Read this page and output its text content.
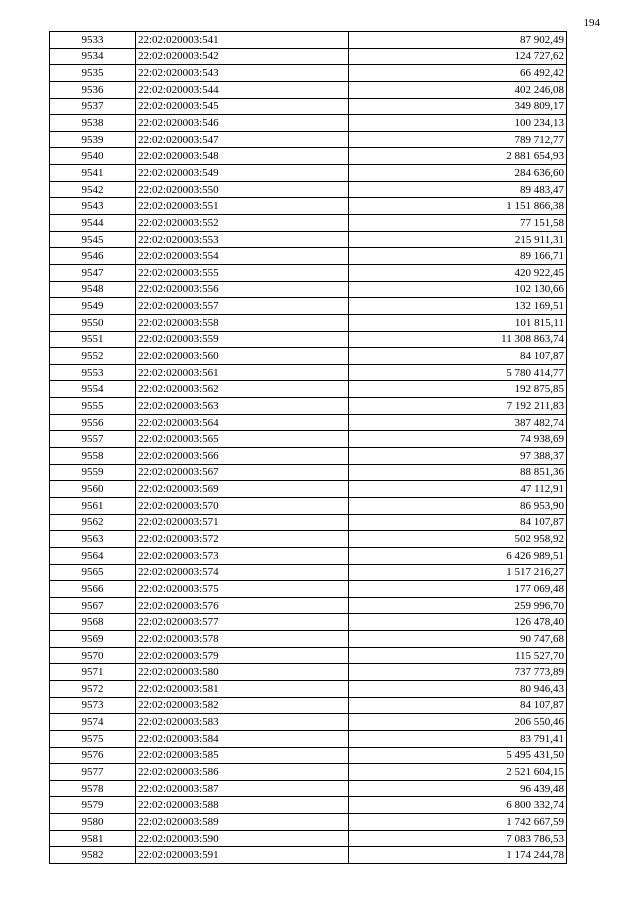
194
9533	22:02:020003:541	87 902,49
9534	22:02:020003:542	124 727,62
9535	22:02:020003:543	66 492,42
9536	22:02:020003:544	402 246,08
9537	22:02:020003:545	349 809,17
9538	22:02:020003:546	100 234,13
9539	22:02:020003:547	789 712,77
9540	22:02:020003:548	2 881 654,93
9541	22:02:020003:549	284 636,60
9542	22:02:020003:550	89 483,47
9543	22:02:020003:551	1 151 866,38
9544	22:02:020003:552	77 151,58
9545	22:02:020003:553	215 911,31
9546	22:02:020003:554	89 166,71
9547	22:02:020003:555	420 922,45
9548	22:02:020003:556	102 130,66
9549	22:02:020003:557	132 169,51
9550	22:02:020003:558	101 815,11
9551	22:02:020003:559	11 308 863,74
9552	22:02:020003:560	84 107,87
9553	22:02:020003:561	5 780 414,77
9554	22:02:020003:562	192 875,85
9555	22:02:020003:563	7 192 211,83
9556	22:02:020003:564	387 482,74
9557	22:02:020003:565	74 938,69
9558	22:02:020003:566	97 388,37
9559	22:02:020003:567	88 851,36
9560	22:02:020003:569	47 112,91
9561	22:02:020003:570	86 953,90
9562	22:02:020003:571	84 107,87
9563	22:02:020003:572	502 958,92
9564	22:02:020003:573	6 426 989,51
9565	22:02:020003:574	1 517 216,27
9566	22:02:020003:575	177 069,48
9567	22:02:020003:576	259 996,70
9568	22:02:020003:577	126 478,40
9569	22:02:020003:578	90 747,68
9570	22:02:020003:579	115 527,70
9571	22:02:020003:580	737 773,89
9572	22:02:020003:581	80 946,43
9573	22:02:020003:582	84 107,87
9574	22:02:020003:583	206 550,46
9575	22:02:020003:584	83 791,41
9576	22:02:020003:585	5 495 431,50
9577	22:02:020003:586	2 521 604,15
9578	22:02:020003:587	96 439,48
9579	22:02:020003:588	6 800 332,74
9580	22:02:020003:589	1 742 667,59
9581	22:02:020003:590	7 083 786,53
9582	22:02:020003:591	1 174 244,78
